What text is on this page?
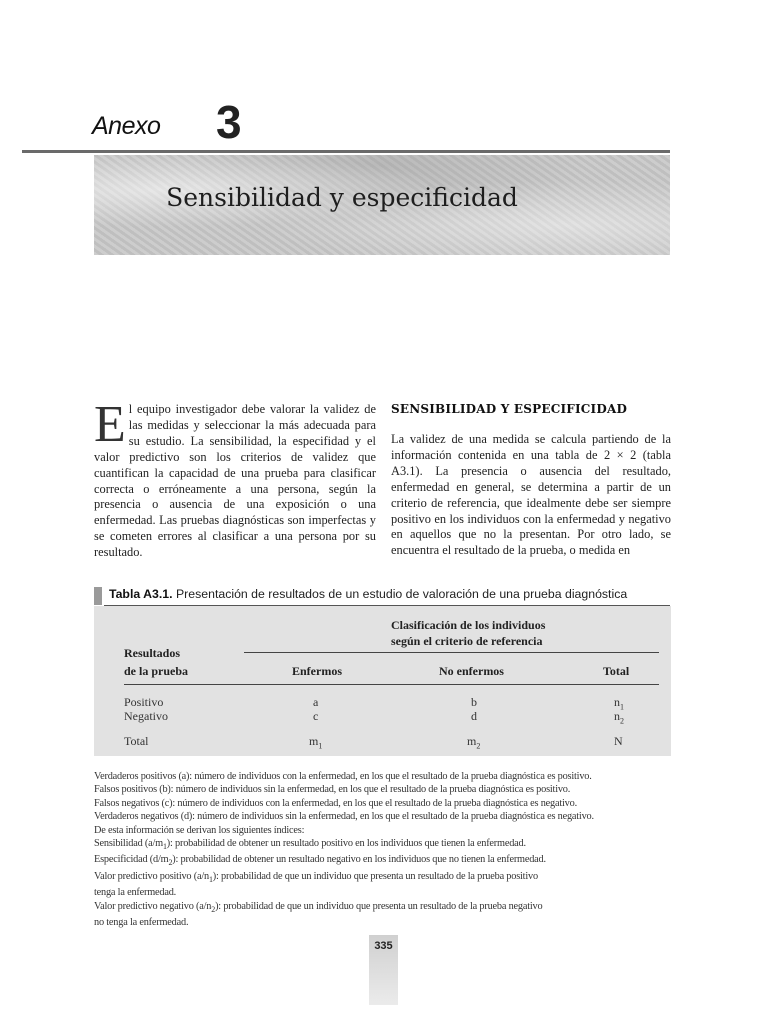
Anexo 3
Sensibilidad y especificidad
El equipo investigador debe valorar la validez de las medidas y seleccionar la más adecuada para su estudio. La sensibilidad, la especifidad y el valor predictivo son los criterios de validez que cuantifican la capacidad de una prueba para clasificar correcta o erróneamente a una persona, según la presencia o ausencia de una exposición o una enfermedad. Las pruebas diagnósticas son imperfectas y se cometen errores al clasificar a una persona por su resultado.
SENSIBILIDAD Y ESPECIFICIDAD
La validez de una medida se calcula partiendo de la información contenida en una tabla de 2 × 2 (tabla A3.1). La presencia o ausencia del resultado, enfermedad en general, se determina a partir de un criterio de referencia, que idealmente debe ser siempre positivo en los individuos con la enfermedad y negativo en aquellos que no la presentan. Por otro lado, se encuentra el resultado de la prueba, o medida en
Tabla A3.1. Presentación de resultados de un estudio de valoración de una prueba diagnóstica
Clasificación de los individuos
según el criterio de referencia
Resultados
de la prueba	Enfermos	No enfermos	Total
Positivo	a	b	$n_1$
Negativo	c	d	$n_2$
Total	$m_1$	$m_2$	N
Verdaderos positivos (a): número de individuos con la enfermedad, en los que el resultado de la prueba diagnóstica es positivo.
Falsos positivos (b): número de individuos sin la enfermedad, en los que el resultado de la prueba diagnóstica es positivo.
Falsos negativos (c): número de individuos con la enfermedad, en los que el resultado de la prueba diagnóstica es negativo.
Verdaderos negativos (d): número de individuos sin la enfermedad, en los que el resultado de la prueba diagnóstica es negativo.
De esta información se derivan los siguientes índices:
Sensibilidad $(a/m_1)$: probabilidad de obtener un resultado positivo en los individuos que tienen la enfermedad.
Especificidad $(d/m_2)$: probabilidad de obtener un resultado negativo en los individuos que no tienen la enfermedad.
Valor predictivo positivo $(a/n_1)$: probabilidad de que un individuo que presenta un resultado de la prueba positivo
tenga la enfermedad.
Valor predictivo negativo $(a/n_2)$: probabilidad de que un individuo que presenta un resultado de la prueba negativo
no tenga la enfermedad.
335
